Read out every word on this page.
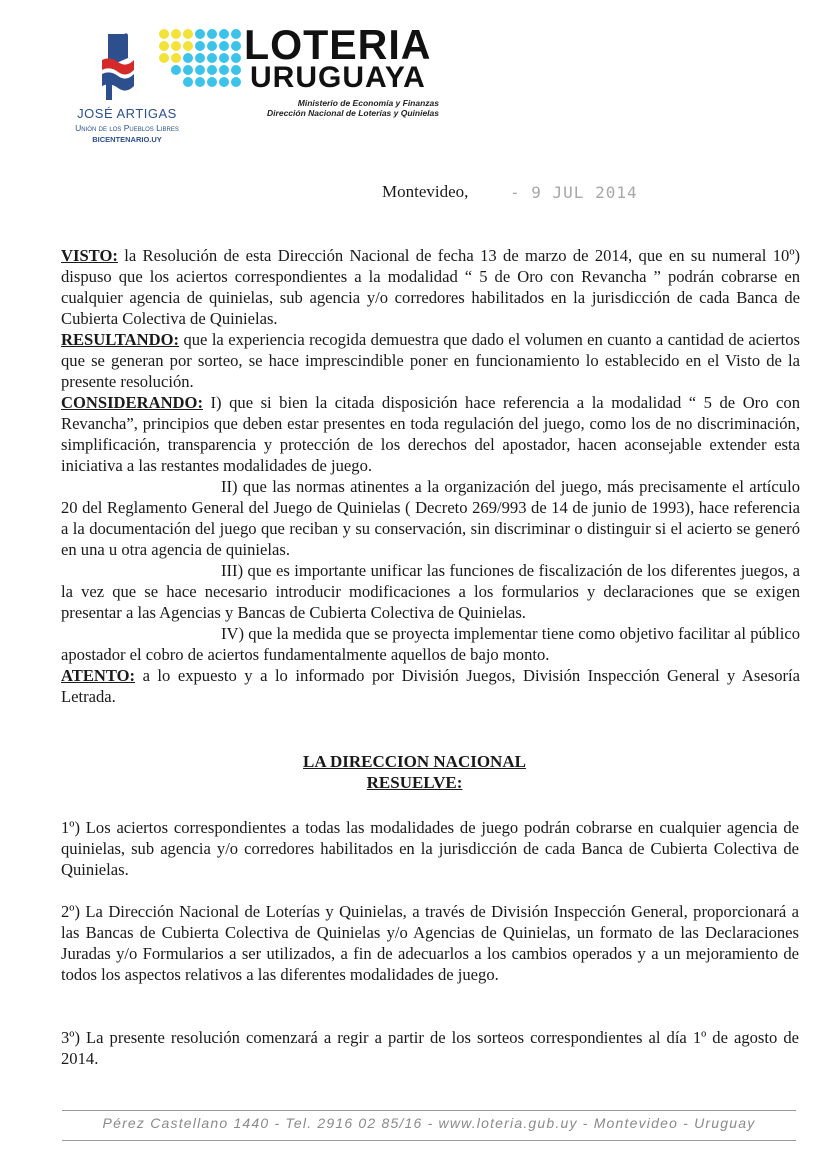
JOSÉ ARTIGAS
Unión de los Pueblos Libres
BICENTENARIO.UY
LOTERIA
URUGUAYA
Ministerio de Economía y Finanzas
Dirección Nacional de Loterías y Quinielas
Montevideo,	- 9 JUL 2014

VISTO: la Resolución de esta Dirección Nacional de fecha 13 de marzo de 2014, que en su numeral 10º) dispuso que los aciertos correspondientes a la modalidad “ 5 de Oro con Revancha ” podrán cobrarse en cualquier agencia de quinielas, sub agencia y/o corredores habilitados en la jurisdicción de cada Banca de Cubierta Colectiva de Quinielas.

RESULTANDO: que la experiencia recogida demuestra que dado el volumen en cuanto a cantidad de aciertos que se generan por sorteo, se hace imprescindible poner en funcionamiento lo establecido en el Visto de la presente resolución.

CONSIDERANDO: I) que si bien la citada disposición hace referencia a la modalidad “ 5 de Oro con Revancha”, principios que deben estar presentes en toda regulación del juego, como los de no discriminación, simplificación, transparencia y protección de los derechos del apostador, hacen aconsejable extender esta iniciativa a las restantes modalidades de juego.

II) que las normas atinentes a la organización del juego, más precisamente el artículo 20 del Reglamento General del Juego de Quinielas ( Decreto 269/993 de 14 de junio de 1993), hace referencia a la documentación del juego que reciban y su conservación, sin discriminar o distinguir si el acierto se generó en una u otra agencia de quinielas.

III) que es importante unificar las funciones de fiscalización de los diferentes juegos, a la vez que se hace necesario introducir modificaciones a los formularios y declaraciones que se exigen presentar a las Agencias y Bancas de Cubierta Colectiva de Quinielas.

IV) que la medida que se proyecta implementar tiene como objetivo facilitar al público apostador el cobro de aciertos fundamentalmente aquellos de bajo monto.

ATENTO: a lo expuesto y a lo informado por División Juegos, División Inspección General y Asesoría Letrada.

LA DIRECCION NACIONAL
RESUELVE:

1º) Los aciertos correspondientes a todas las modalidades de juego podrán cobrarse en cualquier agencia de quinielas, sub agencia y/o corredores habilitados en la jurisdicción de cada Banca de Cubierta Colectiva de Quinielas.

2º) La Dirección Nacional de Loterías y Quinielas, a través de División Inspección General, proporcionará a las Bancas de Cubierta Colectiva de Quinielas y/o Agencias de Quinielas, un formato de las Declaraciones Juradas y/o Formularios a ser utilizados, a fin de adecuarlos a los cambios operados y a un mejoramiento de todos los aspectos relativos a las diferentes modalidades de juego.

3º) La presente resolución comenzará a regir a partir de los sorteos correspondientes al día 1º de agosto de 2014.

Pérez Castellano 1440 - Tel. 2916 02 85/16 - www.loteria.gub.uy - Montevideo - Uruguay
